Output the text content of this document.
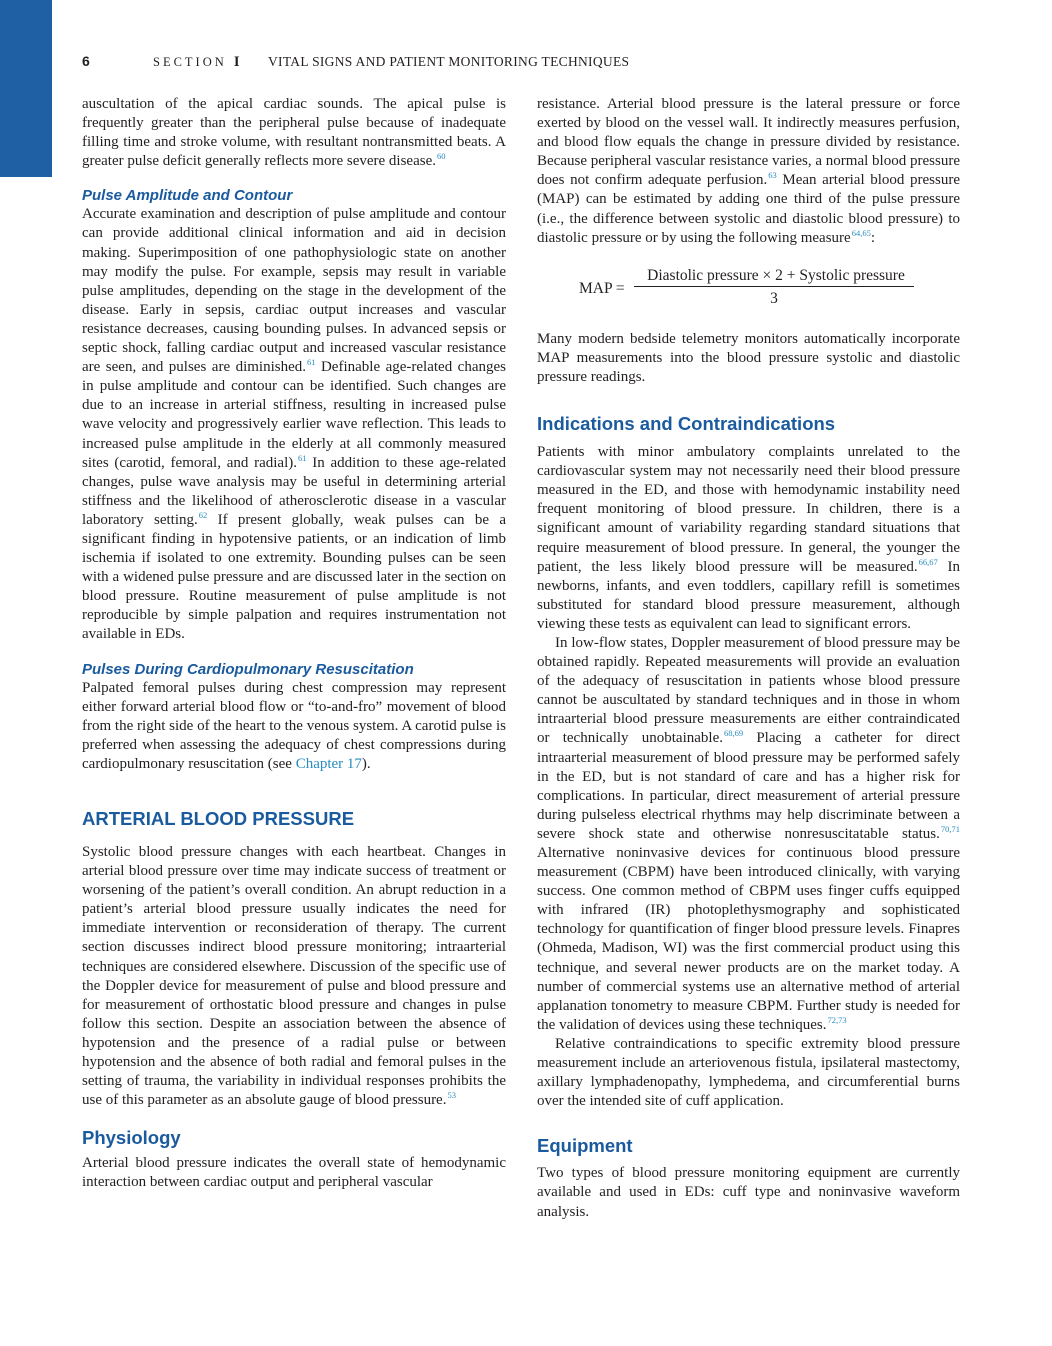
6	SECTION I VITAL SIGNS AND PATIENT MONITORING TECHNIQUES

auscultation of the apical cardiac sounds. The apical pulse is frequently greater than the peripheral pulse because of inadequate filling time and stroke volume, with resultant nontransmitted beats. A greater pulse deficit generally reflects more severe disease.$^{60}$

Pulse Amplitude and Contour

Accurate examination and description of pulse amplitude and contour can provide additional clinical information and aid in decision making. Superimposition of one pathophysiologic state on another may modify the pulse. For example, sepsis may result in variable pulse amplitudes, depending on the stage in the development of the disease. Early in sepsis, cardiac output increases and vascular resistance decreases, causing bounding pulses. In advanced sepsis or septic shock, falling cardiac output and increased vascular resistance are seen, and pulses are diminished.$^{61}$ Definable age-related changes in pulse amplitude and contour can be identified. Such changes are due to an increase in arterial stiffness, resulting in increased pulse wave velocity and progressively earlier wave reflection. This leads to increased pulse amplitude in the elderly at all commonly measured sites (carotid, femoral, and radial).$^{61}$ In addition to these age-related changes, pulse wave analysis may be useful in determining arterial stiffness and the likelihood of atherosclerotic disease in a vascular laboratory setting.$^{62}$ If present globally, weak pulses can be a significant finding in hypotensive patients, or an indication of limb ischemia if isolated to one extremity. Bounding pulses can be seen with a widened pulse pressure and are discussed later in the section on blood pressure. Routine measurement of pulse amplitude is not reproducible by simple palpation and requires instrumentation not available in EDs.

Pulses During Cardiopulmonary Resuscitation

Palpated femoral pulses during chest compression may represent either forward arterial blood flow or “to-and-fro” movement of blood from the right side of the heart to the venous system. A carotid pulse is preferred when assessing the adequacy of chest compressions during cardiopulmonary resuscitation (see Chapter 17).

ARTERIAL BLOOD PRESSURE

Systolic blood pressure changes with each heartbeat. Changes in arterial blood pressure over time may indicate success of treatment or worsening of the patient’s overall condition. An abrupt reduction in a patient’s arterial blood pressure usually indicates the need for immediate intervention or reconsideration of therapy. The current section discusses indirect blood pressure monitoring; intraarterial techniques are considered elsewhere. Discussion of the specific use of the Doppler device for measurement of pulse and blood pressure and for measurement of orthostatic blood pressure and changes in pulse follow this section. Despite an association between the absence of hypotension and the presence of a radial pulse or between hypotension and the absence of both radial and femoral pulses in the setting of trauma, the variability in individual responses prohibits the use of this parameter as an absolute gauge of blood pressure.$^{53}$

Physiology

Arterial blood pressure indicates the overall state of hemodynamic interaction between cardiac output and peripheral vascular

resistance. Arterial blood pressure is the lateral pressure or force exerted by blood on the vessel wall. It indirectly measures perfusion, and blood flow equals the change in pressure divided by resistance. Because peripheral vascular resistance varies, a normal blood pressure does not confirm adequate perfusion.$^{63}$ Mean arterial blood pressure (MAP) can be estimated by adding one third of the pulse pressure (i.e., the difference between systolic and diastolic blood pressure) to diastolic pressure or by using the following measure$^{64,65}$:

MAP =
Diastolic pressure × 2 + Systolic pressure
3

Many modern bedside telemetry monitors automatically incorporate MAP measurements into the blood pressure systolic and diastolic pressure readings.

Indications and Contraindications

Patients with minor ambulatory complaints unrelated to the cardiovascular system may not necessarily need their blood pressure measured in the ED, and those with hemodynamic instability need frequent monitoring of blood pressure. In children, there is a significant amount of variability regarding standard situations that require measurement of blood pressure. In general, the younger the patient, the less likely blood pressure will be measured.$^{66,67}$ In newborns, infants, and even toddlers, capillary refill is sometimes substituted for standard blood pressure measurement, although viewing these tests as equivalent can lead to significant errors.

In low-flow states, Doppler measurement of blood pressure may be obtained rapidly. Repeated measurements will provide an evaluation of the adequacy of resuscitation in patients whose blood pressure cannot be auscultated by standard techniques and in those in whom intraarterial blood pressure measurements are either contraindicated or technically unobtainable.$^{68,69}$ Placing a catheter for direct intraarterial measurement of blood pressure may be performed safely in the ED, but is not standard of care and has a higher risk for complications. In particular, direct measurement of arterial pressure during pulseless electrical rhythms may help discriminate between a severe shock state and otherwise nonresuscitatable status.$^{70,71}$ Alternative noninvasive devices for continuous blood pressure measurement (CBPM) have been introduced clinically, with varying success. One common method of CBPM uses finger cuffs equipped with infrared (IR) photoplethysmography and sophisticated technology for quantification of finger blood pressure levels. Finapres (Ohmeda, Madison, WI) was the first commercial product using this technique, and several newer products are on the market today. A number of commercial systems use an alternative method of arterial applanation tonometry to measure CBPM. Further study is needed for the validation of devices using these techniques.$^{72,73}$

Relative contraindications to specific extremity blood pressure measurement include an arteriovenous fistula, ipsilateral mastectomy, axillary lymphadenopathy, lymphedema, and circumferential burns over the intended site of cuff application.

Equipment

Two types of blood pressure monitoring equipment are currently available and used in EDs: cuff type and noninvasive waveform analysis.
